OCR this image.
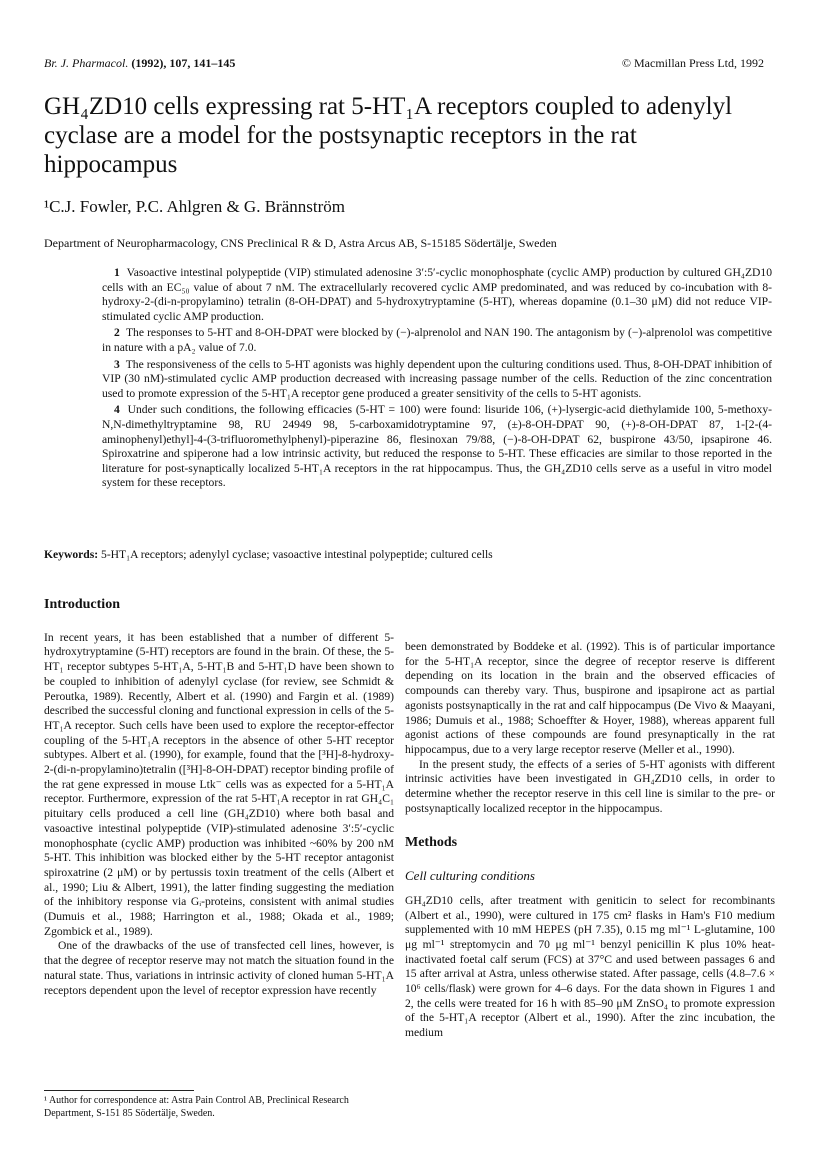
Br. J. Pharmacol. (1992), 107, 141–145	© Macmillan Press Ltd, 1992
GH₄ZD10 cells expressing rat 5-HT₁A receptors coupled to adenylyl cyclase are a model for the postsynaptic receptors in the rat hippocampus
¹C.J. Fowler, P.C. Ahlgren & G. Brännström
Department of Neuropharmacology, CNS Preclinical R & D, Astra Arcus AB, S-15185 Södertälje, Sweden

1 Vasoactive intestinal polypeptide (VIP) stimulated adenosine 3′:5′-cyclic monophosphate (cyclic AMP) production by cultured GH₄ZD10 cells with an EC₅₀ value of about 7 nM. The extracellularly recovered cyclic AMP predominated, and was reduced by co-incubation with 8-hydroxy-2-(di-n-propylamino) tetralin (8-OH-DPAT) and 5-hydroxytryptamine (5-HT), whereas dopamine (0.1–30 μM) did not reduce VIP-stimulated cyclic AMP production.

2 The responses to 5-HT and 8-OH-DPAT were blocked by (−)-alprenolol and NAN 190. The antagonism by (−)-alprenolol was competitive in nature with a pA₂ value of 7.0.

3 The responsiveness of the cells to 5-HT agonists was highly dependent upon the culturing conditions used. Thus, 8-OH-DPAT inhibition of VIP (30 nM)-stimulated cyclic AMP production decreased with increasing passage number of the cells. Reduction of the zinc concentration used to promote expression of the 5-HT₁A receptor gene produced a greater sensitivity of the cells to 5-HT agonists.

4 Under such conditions, the following efficacies (5-HT = 100) were found: lisuride 106, (+)-lysergic-acid diethylamide 100, 5-methoxy-N,N-dimethyltryptamine 98, RU 24949 98, 5-carboxamidotryptamine 97, (±)-8-OH-DPAT 90, (+)-8-OH-DPAT 87, 1-[2-(4-aminophenyl)ethyl]-4-(3-trifluoromethylphenyl)-piperazine 86, flesinoxan 79/88, (−)-8-OH-DPAT 62, buspirone 43/50, ipsapirone 46. Spiroxatrine and spiperone had a low intrinsic activity, but reduced the response to 5-HT. These efficacies are similar to those reported in the literature for post-synaptically localized 5-HT₁A receptors in the rat hippocampus. Thus, the GH₄ZD10 cells serve as a useful in vitro model system for these receptors.

Keywords: 5-HT₁A receptors; adenylyl cyclase; vasoactive intestinal polypeptide; cultured cells
Introduction

In recent years, it has been established that a number of different 5-hydroxytryptamine (5-HT) receptors are found in the brain. Of these, the 5-HT₁ receptor subtypes 5-HT₁A, 5-HT₁B and 5-HT₁D have been shown to be coupled to inhibition of adenylyl cyclase (for review, see Schmidt & Peroutka, 1989). Recently, Albert et al. (1990) and Fargin et al. (1989) described the successful cloning and functional expression in cells of the 5-HT₁A receptor. Such cells have been used to explore the receptor-effector coupling of the 5-HT₁A receptors in the absence of other 5-HT receptor subtypes. Albert et al. (1990), for example, found that the [³H]-8-hydroxy-2-(di-n-propylamino)tetralin ([³H]-8-OH-DPAT) receptor binding profile of the rat gene expressed in mouse Ltk⁻ cells was as expected for a 5-HT₁A receptor. Furthermore, expression of the rat 5-HT₁A receptor in rat GH₄C₁ pituitary cells produced a cell line (GH₄ZD10) where both basal and vasoactive intestinal polypeptide (VIP)-stimulated adenosine 3′:5′-cyclic monophosphate (cyclic AMP) production was inhibited ~60% by 200 nM 5-HT. This inhibition was blocked either by the 5-HT receptor antagonist spiroxatrine (2 μM) or by pertussis toxin treatment of the cells (Albert et al., 1990; Liu & Albert, 1991), the latter finding suggesting the mediation of the inhibitory response via Gᵢ-proteins, consistent with animal studies (Dumuis et al., 1988; Harrington et al., 1988; Okada et al., 1989; Zgombick et al., 1989).

One of the drawbacks of the use of transfected cell lines, however, is that the degree of receptor reserve may not match the situation found in the natural state. Thus, variations in intrinsic activity of cloned human 5-HT₁A receptors dependent upon the level of receptor expression have recently

been demonstrated by Boddeke et al. (1992). This is of particular importance for the 5-HT₁A receptor, since the degree of receptor reserve is different depending on its location in the brain and the observed efficacies of compounds can thereby vary. Thus, buspirone and ipsapirone act as partial agonists postsynaptically in the rat and calf hippocampus (De Vivo & Maayani, 1986; Dumuis et al., 1988; Schoeffter & Hoyer, 1988), whereas apparent full agonist actions of these compounds are found presynaptically in the rat hippocampus, due to a very large receptor reserve (Meller et al., 1990).

In the present study, the effects of a series of 5-HT agonists with different intrinsic activities have been investigated in GH₄ZD10 cells, in order to determine whether the receptor reserve in this cell line is similar to the pre- or postsynaptically localized receptor in the hippocampus.

Methods
Cell culturing conditions

GH₄ZD10 cells, after treatment with geniticin to select for recombinants (Albert et al., 1990), were cultured in 175 cm² flasks in Ham's F10 medium supplemented with 10 mM HEPES (pH 7.35), 0.15 mg ml⁻¹ L-glutamine, 100 μg ml⁻¹ streptomycin and 70 μg ml⁻¹ benzyl penicillin K plus 10% heat-inactivated foetal calf serum (FCS) at 37°C and used between passages 6 and 15 after arrival at Astra, unless otherwise stated. After passage, cells (4.8–7.6 × 10⁶ cells/flask) were grown for 4–6 days. For the data shown in Figures 1 and 2, the cells were treated for 16 h with 85–90 μM ZnSO₄ to promote expression of the 5-HT₁A receptor (Albert et al., 1990). After the zinc incubation, the medium

¹ Author for correspondence at: Astra Pain Control AB, Preclinical Research Department, S-151 85 Södertälje, Sweden.
